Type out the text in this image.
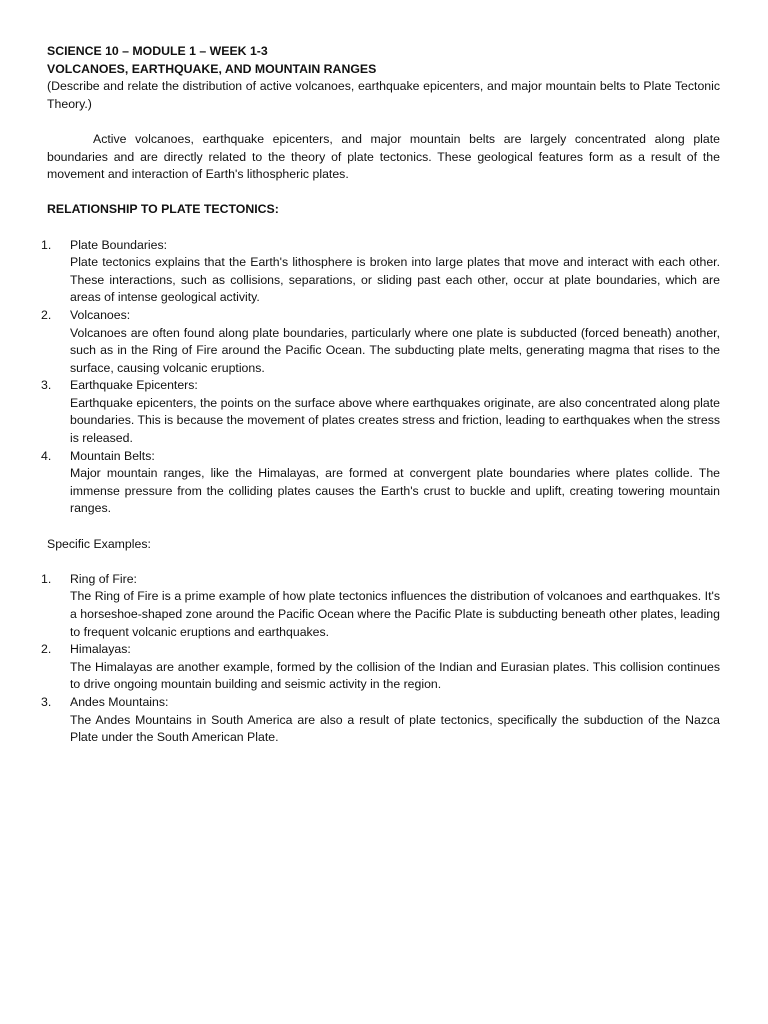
SCIENCE 10 – MODULE 1 – WEEK 1-3

VOLCANOES, EARTHQUAKE, AND MOUNTAIN RANGES

(Describe and relate the distribution of active volcanoes, earthquake epicenters, and major mountain belts to Plate Tectonic Theory.)

Active volcanoes, earthquake epicenters, and major mountain belts are largely concentrated along plate boundaries and are directly related to the theory of plate tectonics. These geological features form as a result of the movement and interaction of Earth's lithospheric plates.

RELATIONSHIP TO PLATE TECTONICS:

1. Plate Boundaries:
Plate tectonics explains that the Earth's lithosphere is broken into large plates that move and interact with each other. These interactions, such as collisions, separations, or sliding past each other, occur at plate boundaries, which are areas of intense geological activity.
2. Volcanoes:
Volcanoes are often found along plate boundaries, particularly where one plate is subducted (forced beneath) another, such as in the Ring of Fire around the Pacific Ocean. The subducting plate melts, generating magma that rises to the surface, causing volcanic eruptions.
3. Earthquake Epicenters:
Earthquake epicenters, the points on the surface above where earthquakes originate, are also concentrated along plate boundaries. This is because the movement of plates creates stress and friction, leading to earthquakes when the stress is released.
4. Mountain Belts:
Major mountain ranges, like the Himalayas, are formed at convergent plate boundaries where plates collide. The immense pressure from the colliding plates causes the Earth's crust to buckle and uplift, creating towering mountain ranges.

Specific Examples:

1. Ring of Fire:
The Ring of Fire is a prime example of how plate tectonics influences the distribution of volcanoes and earthquakes. It's a horseshoe-shaped zone around the Pacific Ocean where the Pacific Plate is subducting beneath other plates, leading to frequent volcanic eruptions and earthquakes.
2. Himalayas:
The Himalayas are another example, formed by the collision of the Indian and Eurasian plates. This collision continues to drive ongoing mountain building and seismic activity in the region.
3. Andes Mountains:
The Andes Mountains in South America are also a result of plate tectonics, specifically the subduction of the Nazca Plate under the South American Plate.
